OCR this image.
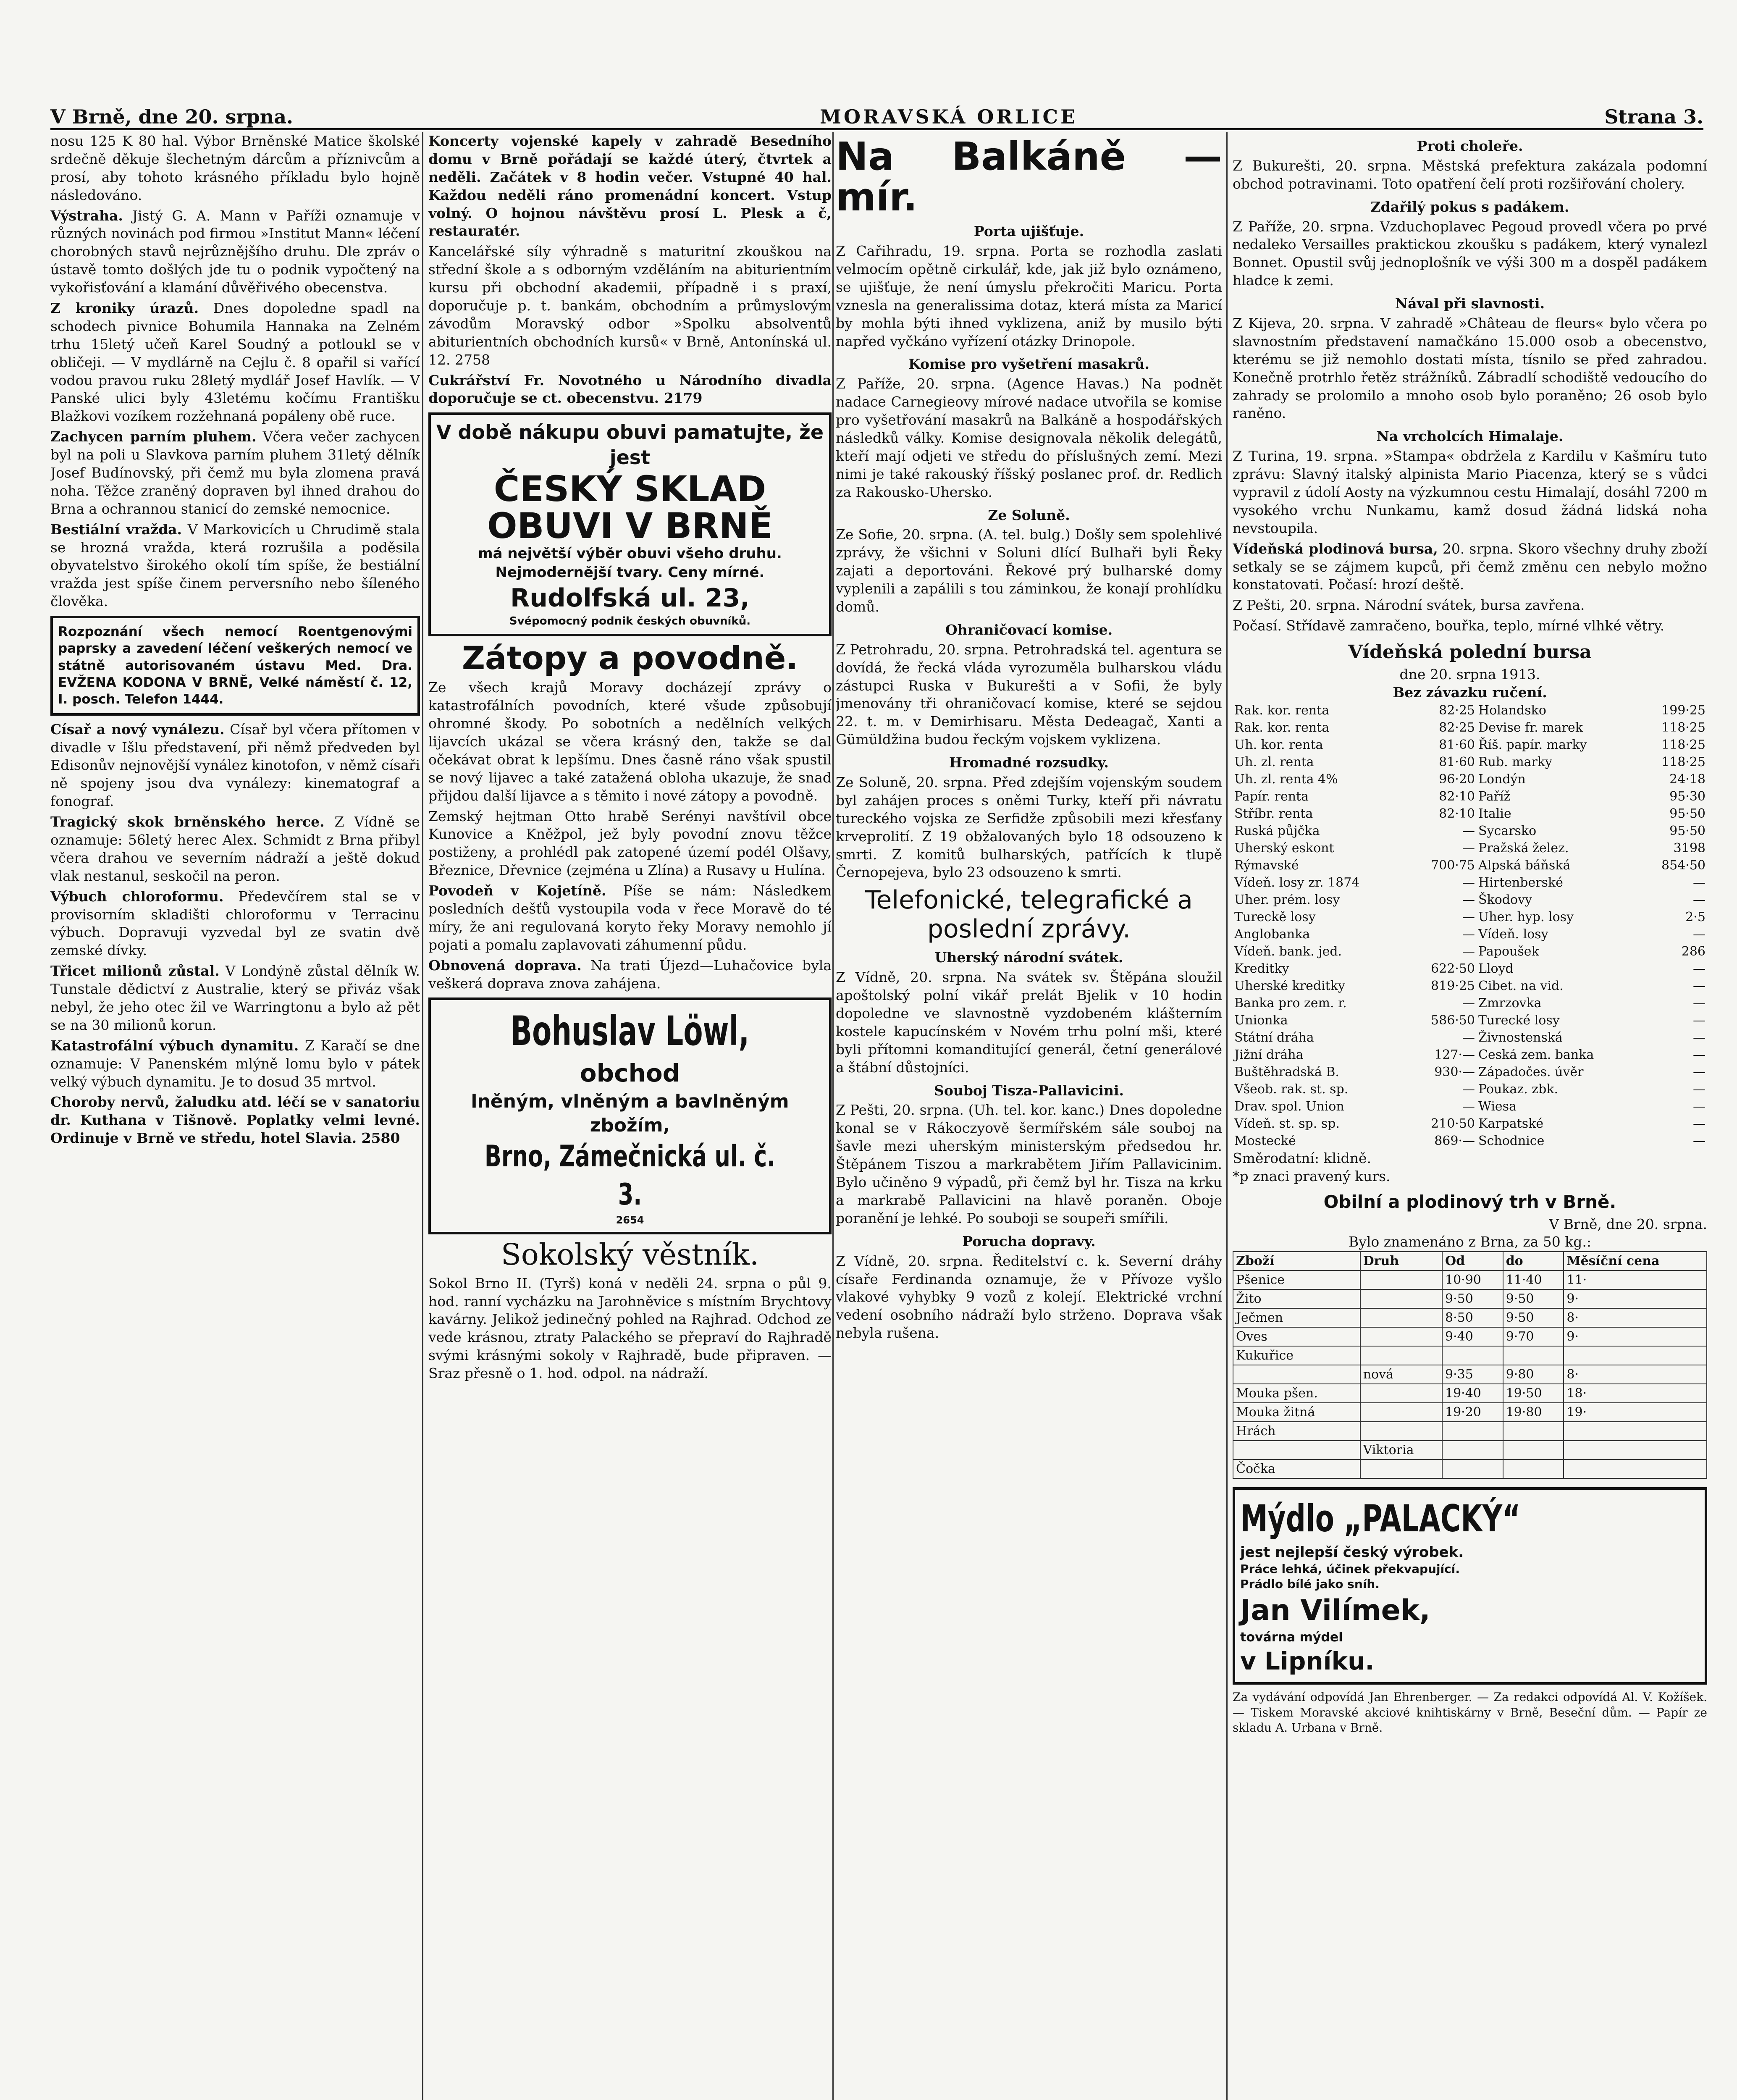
V Brně, dne 20. srpna.	MORAVSKÁ ORLICE	Strana 3.

nosu 125 K 80 hal. Výbor Brněnské Matice školské srdečně děkuje šlechetným dárcům a příznivcům a prosí, aby tohoto krásného příkladu bylo hojně následováno.

Výstraha. Jistý G. A. Mann v Paříži oznamuje v různých novinách pod firmou »Institut Mann« léčení chorobných stavů nejrůznějšího druhu. Dle zpráv o ústavě tomto došlých jde tu o podnik vypočtený na vykořisťování a klamání důvěřivého obecenstva.

Z kroniky úrazů. Dnes dopoledne spadl na schodech pivnice Bohumila Hannaka na Zelném trhu 15letý učeň Karel Soudný a potloukl se v obličeji. — V mydlárně na Cejlu č. 8 opařil si vařící vodou pravou ruku 28letý mydlář Josef Havlík. — V Panské ulici byly 43letému kočímu Františku Blažkovi vozíkem rozžehnaná popáleny obě ruce.

Zachycen parním pluhem. Včera večer zachycen byl na poli u Slavkova parním pluhem 31letý dělník Josef Budínovský, při čemž mu byla zlomena pravá noha. Těžce zraněný dopraven byl ihned drahou do Brna a ochrannou stanicí do zemské nemocnice.

Bestiální vražda. V Markovicích u Chrudimě stala se hrozná vražda, která rozrušila a poděsila obyvatelstvo širokého okolí tím spíše, že bestiální vražda jest spíše činem perversního nebo šíleného člověka.

Rozpoznání všech nemocí Roentgenovými paprsky a zavedení léčení veškerých nemocí ve státně autorisovaném ústavu Med. Dra. EVŽENA KODONA V BRNĚ, Velké náměstí č. 12, I. posch. Telefon 1444.

Císař a nový vynálezu. Císař byl včera přítomen v divadle v Išlu představení, při němž předveden byl Edisonův nejnovější vynález kinotofon, v němž císaři ně spojeny jsou dva vynálezy: kinematograf a fonograf.

Tragický skok brněnského herce. Z Vídně se oznamuje: 56letý herec Alex. Schmidt z Brna přibyl včera drahou ve severním nádraží a ještě dokud vlak nestanul, seskočil na peron.

Výbuch chloroformu. Předevčírem stal se v provisorním skladišti chloroformu v Terracinu výbuch. Dopravuji vyzvedal byl ze svatin dvě zemské dívky.

Třicet milionů zůstal. V Londýně zůstal dělník W. Tunstale dědictví z Australie, který se přiváz však nebyl, že jeho otec žil ve Warringtonu a bylo až pět se na 30 milionů korun.

Katastrofální výbuch dynamitu. Z Karačí se dne oznamuje: V Panenském mlýně lomu bylo v pátek velký výbuch dynamitu. Je to dosud 35 mrtvol.

Choroby nervů, žaludku atd. léčí se v sanatoriu dr. Kuthana v Tišnově. Poplatky velmi levné. Ordinuje v Brně ve středu, hotel Slavia. 2580

Koncerty vojenské kapely v zahradě Besedního domu v Brně pořádají se každé úterý, čtvrtek a neděli. Začátek v 8 hodin večer. Vstupné 40 hal. Každou neděli ráno promenádní koncert. Vstup volný. O hojnou návštěvu prosí L. Plesk a č, restauratér.

Kancelářské síly výhradně s maturitní zkouškou na střední škole a s odborným vzděláním na abiturientním kursu při obchodní akademii, případně i s praxí, doporučuje p. t. bankám, obchodním a průmyslovým závodům Moravský odbor »Spolku absolventů abiturientních obchodních kursů« v Brně, Antonínská ul. 12. 2758

Cukrářství Fr. Novotného u Národního divadla doporučuje se ct. obecenstvu. 2179

V době nákupu obuvi pamatujte, že jest
ČESKÝ SKLAD OBUVI V BRNĚ
má největší výběr obuvi všeho druhu. Nejmodernější tvary. Ceny mírné.
Rudolfská ul. 23,
Svépomocný podnik českých obuvníků.
Zátopy a povodně.

Ze všech krajů Moravy docházejí zprávy o katastrofálních povodních, které všude způsobují ohromné škody. Po sobotních a nedělních velkých lijavcích ukázal se včera krásný den, takže se dal očekávat obrat k lepšímu. Dnes časně ráno však spustil se nový lijavec a také zatažená obloha ukazuje, že snad přijdou další lijavce a s těmito i nové zátopy a povodně.

Zemský hejtman Otto hrabě Serényi navštívil obce Kunovice a Kněžpol, jež byly povodní znovu těžce postiženy, a prohlédl pak zatopené území podél Olšavy, Březnice, Dřevnice (zejména u Zlína) a Rusavy u Hulína.

Povodeň v Kojetíně. Píše se nám: Následkem posledních dešťů vystoupila voda v řece Moravě do té míry, že ani regulovaná koryto řeky Moravy nemohlo jí pojati a pomalu zaplavovati záhumenní půdu.

Obnovená doprava. Na trati Újezd—Luhačovice byla veškerá doprava znova zahájena.

Bohuslav Löwl,
obchod
lněným, vlněným a bavlněným zbožím,
Brno, Zámečnická ul. č. 3.
2654
Sokolský věstník.

Sokol Brno II. (Tyrš) koná v neděli 24. srpna o půl 9. hod. ranní vycházku na Jarohněvice s místním Brychtovy kavárny. Jelikož jedinečný pohled na Rajhrad. Odchod ze vede krásnou, ztraty Palackého se přepraví do Rajhradě svými krásnými sokoly v Rajhradě, bude připraven. — Sraz přesně o 1. hod. odpol. na nádraží.

Na Balkáně — mír.
Porta ujišťuje.

Z Cařihradu, 19. srpna. Porta se rozhodla zaslati velmocím opětně cirkulář, kde, jak již bylo oznámeno, se ujišťuje, že není úmyslu překročiti Maricu. Porta vznesla na generalissima dotaz, která místa za Maricí by mohla býti ihned vyklizena, aniž by musilo býti napřed vyčkáno vyřízení otázky Drinopole.

Komise pro vyšetření masakrů.

Z Paříže, 20. srpna. (Agence Havas.) Na podnět nadace Carnegieovy mírové nadace utvořila se komise pro vyšetřování masakrů na Balkáně a hospodářských následků války. Komise designovala několik delegátů, kteří mají odjeti ve středu do příslušných zemí. Mezi nimi je také rakouský říšský poslanec prof. dr. Redlich za Rakousko-Uhersko.

Ze Soluně.

Ze Sofie, 20. srpna. (A. tel. bulg.) Došly sem spolehlivé zprávy, že všichni v Soluni dlící Bulhaři byli Řeky zajati a deportováni. Řekové prý bulharské domy vyplenili a zapálili s tou záminkou, že konají prohlídku domů.

Ohraničovací komise.

Z Petrohradu, 20. srpna. Petrohradská tel. agentura se dovídá, že řecká vláda vyrozuměla bulharskou vládu zástupci Ruska v Bukurešti a v Sofii, že byly jmenovány tři ohraničovací komise, které se sejdou 22. t. m. v Demirhisaru. Města Dedeagač, Xanti a Gümüldžina budou řeckým vojskem vyklizena.

Hromadné rozsudky.

Ze Soluně, 20. srpna. Před zdejším vojenským soudem byl zahájen proces s oněmi Turky, kteří při návratu tureckého vojska ze Serfidže způsobili mezi křesťany krveprolití. Z 19 obžalovaných bylo 18 odsouzeno k smrti. Z komitů bulharských, patřících k tlupě Černopejeva, bylo 23 odsouzeno k smrti.

Telefonické, telegrafické a poslední zprávy.
Uherský národní svátek.

Z Vídně, 20. srpna. Na svátek sv. Štěpána sloužil apoštolský polní vikář prelát Bjelik v 10 hodin dopoledne ve slavnostně vyzdobeném klášterním kostele kapucínském v Novém trhu polní mši, které byli přítomni komanditující generál, četní generálové a štábní důstojníci.

Souboj Tisza-Pallavicini.

Z Pešti, 20. srpna. (Uh. tel. kor. kanc.) Dnes dopoledne konal se v Rákoczyově šermířském sále souboj na šavle mezi uherským ministerským předsedou hr. Štěpánem Tiszou a markrabětem Jiřím Pallavicinim. Bylo učiněno 9 výpadů, při čemž byl hr. Tisza na krku a markrabě Pallavicini na hlavě poraněn. Oboje poranění je lehké. Po souboji se soupeři smířili.

Porucha dopravy.

Z Vídně, 20. srpna. Ředitelství c. k. Severní dráhy císaře Ferdinanda oznamuje, že v Přívoze vyšlo vlakové vyhybky 9 vozů z kolejí. Elektrické vrchní vedení osobního nádraží bylo strženo. Doprava však nebyla rušena.

Proti choleře.

Z Bukurešti, 20. srpna. Městská prefektura zakázala podomní obchod potravinami. Toto opatření čelí proti rozšiřování cholery.

Zdařilý pokus s padákem.

Z Paříže, 20. srpna. Vzduchoplavec Pegoud provedl včera po prvé nedaleko Versailles praktickou zkoušku s padákem, který vynalezl Bonnet. Opustil svůj jednoplošník ve výši 300 m a dospěl padákem hladce k zemi.

Nával při slavnosti.

Z Kijeva, 20. srpna. V zahradě »Château de fleurs« bylo včera po slavnostním představení namačkáno 15.000 osob a obecenstvo, kterému se již nemohlo dostati místa, tísnilo se před zahradou. Konečně protrhlo řetěz strážníků. Zábradlí schodiště vedoucího do zahrady se prolomilo a mnoho osob bylo poraněno; 26 osob bylo raněno.

Na vrcholcích Himalaje.

Z Turina, 19. srpna. »Stampa« obdržela z Kardilu v Kašmíru tuto zprávu: Slavný italský alpinista Mario Piacenza, který se s vůdci vypravil z údolí Aosty na výzkumnou cestu Himalají, dosáhl 7200 m vysokého vrchu Nunkamu, kamž dosud žádná lidská noha nevstoupila.

Vídeňská plodinová bursa, 20. srpna. Skoro všechny druhy zboží setkaly se se zájmem kupců, při čemž změnu cen nebylo možno konstatovati. Počasí: hrozí deště.

Z Pešti, 20. srpna. Národní svátek, bursa zavřena.

Počasí. Střídavě zamračeno, bouřka, teplo, mírné vlhké větry.

Vídeňská polední bursa
dne 20. srpna 1913.
Bez závazku ručení.
Rak. kor. renta	82·25	Holandsko	199·25
Rak. kor. renta	82·25	Devise fr. marek	118·25
Uh. kor. renta	81·60	Říš. papír. marky	118·25
Uh. zl. renta	81·60	Rub. marky	118·25
Uh. zl. renta 4%	96·20	Londýn	24·18
Papír. renta	82·10	Paříž	95·30
Stříbr. renta	82·10	Italie	95·50
Ruská půjčka	—	Sycarsko	95·50
Uherský eskont	—	Pražská želez.	3198
Rýmavské	700·75	Alpská báňská	854·50
Vídeň. losy zr. 1874	—	Hirtenberské	—
Uher. prém. losy	—	Škodovy	—
Tureckě losy	—	Uher. hyp. losy	2·5
Anglobanka	—	Vídeň. losy	—
Vídeň. bank. jed.	—	Papoušek	286
Kreditky	622·50	Lloyd	—
Uherské kreditky	819·25	Cibet. na vid.	—
Banka pro zem. r.	—	Zmrzovka	—
Unionka	586·50	Turecké losy	—
Státní dráha	—	Živnostenská	—
Jižní dráha	127·—	Ceská zem. banka	—
Buštěhradská B.	930·—	Západočes. úvěr	—
Všeob. rak. st. sp.	—	Poukaz. zbk.	—
Drav. spol. Union	—	Wiesa	—
Vídeň. st. sp. sp.	210·50	Karpatské	—
Mostecké	869·—	Schodnice	—
Směrodatní: klidně.
*p znaci pravený kurs.
Obilní a plodinový trh v Brně.
V Brně, dne 20. srpna.
Bylo znamenáno z Brna, za 50 kg.:
Zboží	Druh	Od	do	Měsíční cena
Pšenice		10·90	11·40	11·
Žito		9·50	9·50	9·
Ječmen		8·50	9·50	8·
Oves		9·40	9·70	9·
Kukuřice				
	nová	9·35	9·80	8·
Mouka pšen.		19·40	19·50	18·
Mouka žitná		19·20	19·80	19·
Hrách				
	Viktoria			
Čočka				
Mýdlo „PALACKÝ“
jest nejlepší český výrobek.
Práce lehká, účinek překvapující.
Prádlo bílé jako sníh.
Jan Vilímek,
továrna mýdel
v Lipníku.

Za vydávání odpovídá Jan Ehrenberger. — Za redakci odpovídá Al. V. Kožíšek. — Tiskem Moravské akciové knihtiskárny v Brně, Beseční dům. — Papír ze skladu A. Urbana v Brně.
